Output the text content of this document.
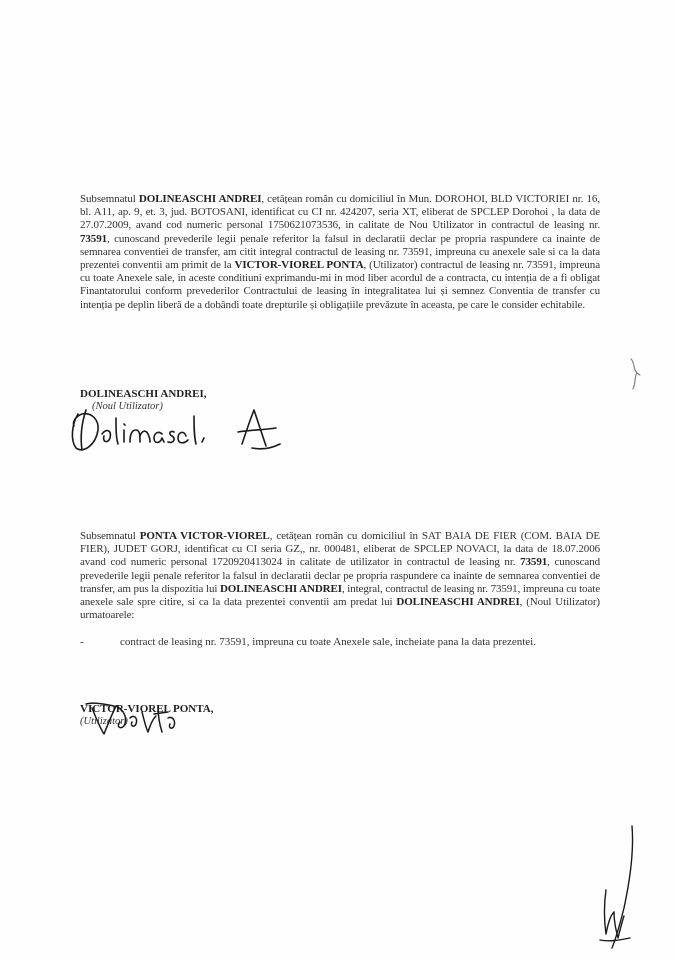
Subsemnatul DOLINEASCHI ANDREI, cetățean român cu domiciliul în Mun. DOROHOI, BLD VICTORIEI nr. 16, bl. A11, ap. 9, et. 3, jud. BOTOSANI, identificat cu CI nr. 424207, seria XT, eliberat de SPCLEP Dorohoi , la data de 27.07.2009, avand cod numeric personal 1750621073536, in calitate de Nou Utilizator in contractul de leasing nr. 73591, cunoscand prevederile legii penale referitor la falsul in declaratii declar pe propria raspundere ca inainte de semnarea conventiei de transfer, am citit integral contractul de leasing nr. 73591, impreuna cu anexele sale si ca la data prezentei conventii am primit de la VICTOR-VIOREL PONTA, (Utilizator) contractul de leasing nr. 73591, impreuna cu toate Anexele sale, in aceste conditiuni exprimandu-mi in mod liber acordul de a contracta, cu intenția de a fi obligat Finantatorului conform prevederilor Contractului de leasing în integralitatea lui și semnez Conventia de transfer cu intenția pe deplin liberă de a dobândi toate drepturile și obligațiile prevăzute în aceasta, pe care le consider echitabile.

DOLINEASCHI ANDREI,
(Noul Utilizator)

Subsemnatul PONTA VICTOR-VIOREL, cetățean român cu domiciliul în SAT BAIA DE FIER (COM. BAIA DE FIER), JUDET GORJ, identificat cu CI seria GZ,, nr. 000481, eliberat de SPCLEP NOVACI, la data de 18.07.2006 avand cod numeric personal 1720920413024 in calitate de utilizator in contractul de leasing nr. 73591, cunoscand prevederile legii penale referitor la falsul in declaratii declar pe propria raspundere ca inainte de semnarea conventiei de transfer, am pus la dispozitia lui DOLINEASCHI ANDREI, integral, contractul de leasing nr. 73591, impreuna cu toate anexele sale spre citire, si ca la data prezentei conventii am predat lui DOLINEASCHI ANDREI, (Noul Utilizator) urmatoarele:

-	contract de leasing nr. 73591, impreuna cu toate Anexele sale, incheiate pana la data prezentei.
VICTOR-VIOREL PONTA,
(Utilizator)
